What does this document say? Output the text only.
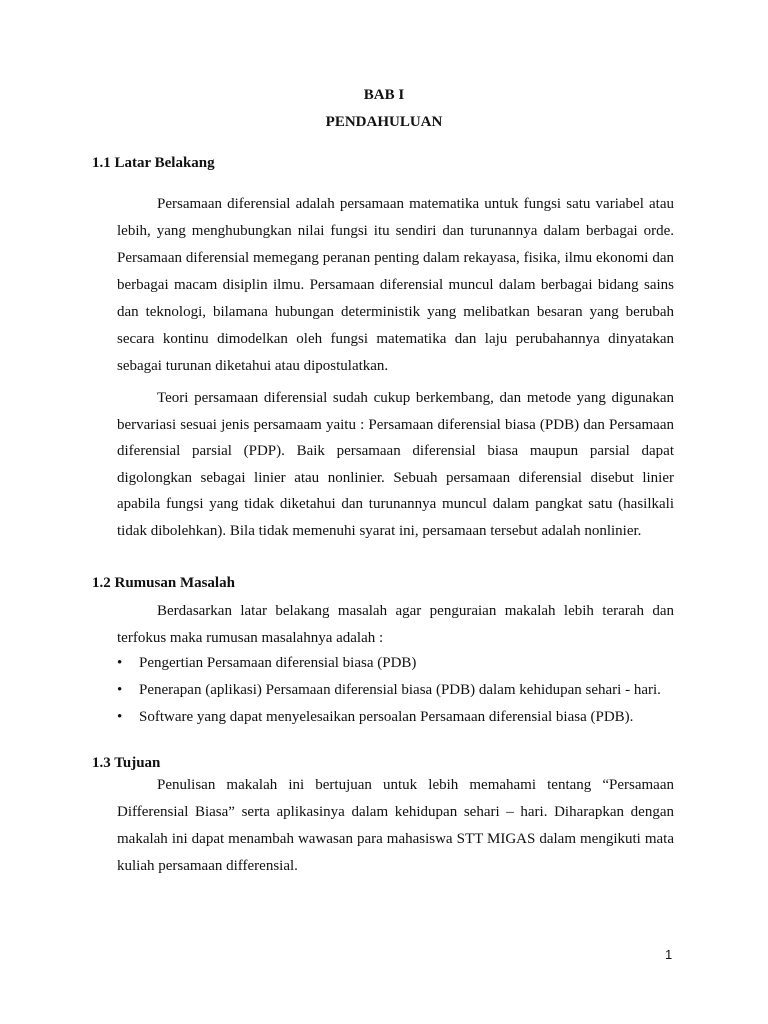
BAB I
PENDAHULUAN
1.1 Latar Belakang

Persamaan diferensial adalah persamaan matematika untuk fungsi satu variabel atau lebih, yang menghubungkan nilai fungsi itu sendiri dan turunannya dalam berbagai orde. Persamaan diferensial memegang peranan penting dalam rekayasa, fisika, ilmu ekonomi dan berbagai macam disiplin ilmu. Persamaan diferensial muncul dalam berbagai bidang sains dan teknologi, bilamana hubungan deterministik yang melibatkan besaran yang berubah secara kontinu dimodelkan oleh fungsi matematika dan laju perubahannya dinyatakan sebagai turunan diketahui atau dipostulatkan.

Teori persamaan diferensial sudah cukup berkembang, dan metode yang digunakan bervariasi sesuai jenis persamaam yaitu : Persamaan diferensial biasa (PDB) dan Persamaan diferensial parsial (PDP). Baik persamaan diferensial biasa maupun parsial dapat digolongkan sebagai linier atau nonlinier. Sebuah persamaan diferensial disebut linier apabila fungsi yang tidak diketahui dan turunannya muncul dalam pangkat satu (hasilkali tidak dibolehkan). Bila tidak memenuhi syarat ini, persamaan tersebut adalah nonlinier.

1.2 Rumusan Masalah

Berdasarkan latar belakang masalah agar penguraian makalah lebih terarah dan terfokus maka rumusan masalahnya adalah :

• Pengertian Persamaan diferensial biasa (PDB)
• Penerapan (aplikasi) Persamaan diferensial biasa (PDB) dalam kehidupan sehari - hari.
• Software yang dapat menyelesaikan persoalan Persamaan diferensial biasa (PDB).
1.3 Tujuan

Penulisan makalah ini bertujuan untuk lebih memahami tentang “Persamaan Differensial Biasa” serta aplikasinya dalam kehidupan sehari – hari. Diharapkan dengan makalah ini dapat menambah wawasan para mahasiswa STT MIGAS dalam mengikuti mata kuliah persamaan differensial.

1
